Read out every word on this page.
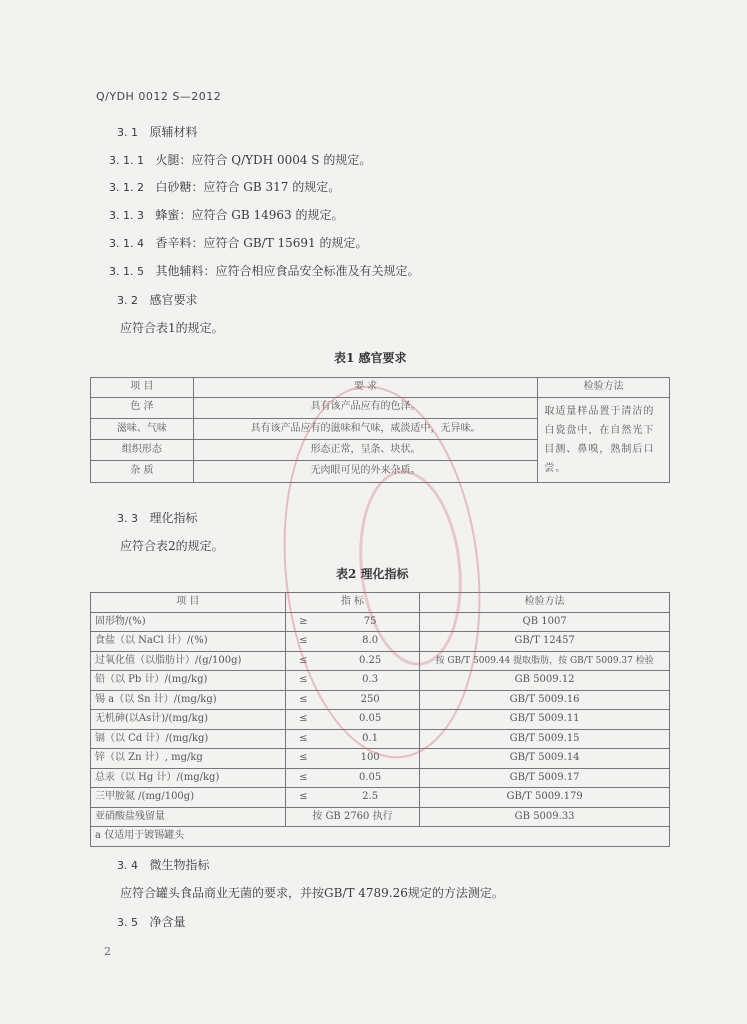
Q/YDH 0012 S—2012
3. 1 原辅材料
3. 1. 1 火腿：应符合 Q/YDH 0004 S 的规定。
3. 1. 2 白砂糖：应符合 GB 317 的规定。
3. 1. 3 蜂蜜：应符合 GB 14963 的规定。
3. 1. 4 香辛料：应符合 GB/T 15691 的规定。
3. 1. 5 其他辅料：应符合相应食品安全标准及有关规定。
3. 2 感官要求
应符合表1的规定。
表1 感官要求
项 目	要 求	检验方法
色 泽	具有该产品应有的色泽。	取适量样品置于清洁的白瓷盘中，在自然光下目测、鼻嗅，熟制后口尝。
滋味、气味	具有该产品应有的滋味和气味，咸淡适中，无异味。	
组织形态	形态正常，呈条、块状。	
杂 质	无肉眼可见的外来杂质。	
3. 3 理化指标
应符合表2的规定。
表2 理化指标
项 目	指 标		检验方法
固形物/(%)	≥	75	QB 1007
食盐（以 NaCl 计）/(%)	≤	8.0	GB/T 12457
过氧化值（以脂肪计）/(g/100g)	≤	0.25	按 GB/T 5009.44 提取脂肪，按 GB/T 5009.37 检验
铅（以 Pb 计）/(mg/kg)	≤	0.3	GB 5009.12
锡 a（以 Sn 计）/(mg/kg)	≤	250	GB/T 5009.16
无机砷(以As计)/(mg/kg)	≤	0.05	GB/T 5009.11
镉（以 Cd 计）/(mg/kg)	≤	0.1	GB/T 5009.15
锌（以 Zn 计）, mg/kg	≤	100	GB/T 5009.14
总汞（以 Hg 计）/(mg/kg)	≤	0.05	GB/T 5009.17
三甲胺氮 /(mg/100g)	≤	2.5	GB/T 5009.179
亚硝酸盐残留量	按 GB 2760 执行		GB 5009.33
a 仅适用于镀锡罐头			
3. 4 微生物指标
应符合罐头食品商业无菌的要求，并按GB/T 4789.26规定的方法测定。
3. 5 净含量
2
